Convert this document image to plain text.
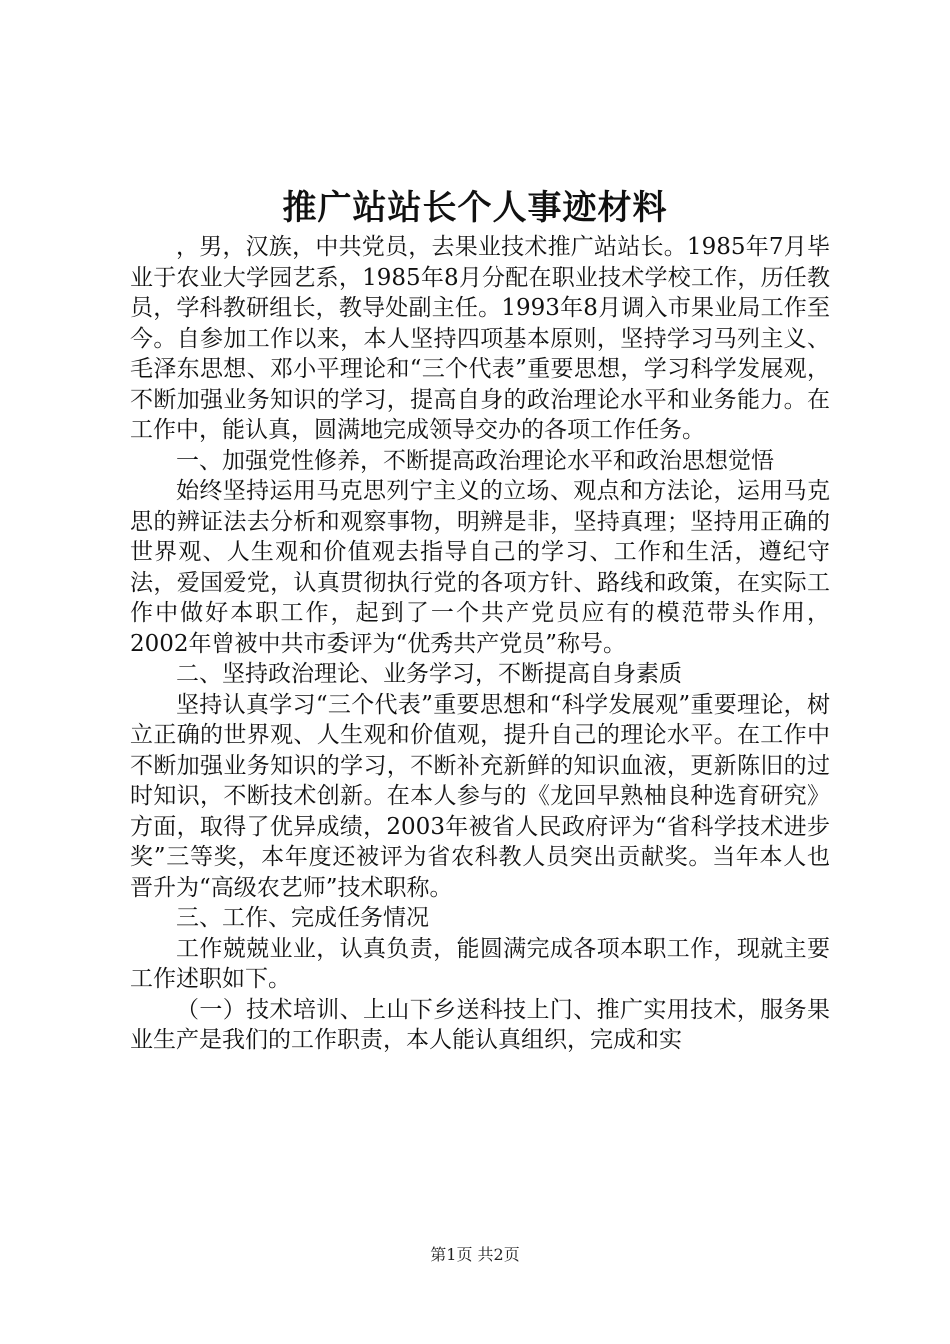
推广站站长个人事迹材料

，男，汉族，中共党员，去果业技术推广站站长。1985年7月毕业于农业大学园艺系，1985年8月分配在职业技术学校工作，历任教员，学科教研组长，教导处副主任。1993年8月调入市果业局工作至今。自参加工作以来，本人坚持四项基本原则，坚持学习马列主义、毛泽东思想、邓小平理论和“三个代表”重要思想，学习科学发展观，不断加强业务知识的学习，提高自身的政治理论水平和业务能力。在工作中，能认真，圆满地完成领导交办的各项工作任务。

一、加强党性修养，不断提高政治理论水平和政治思想觉悟

始终坚持运用马克思列宁主义的立场、观点和方法论，运用马克思的辨证法去分析和观察事物，明辨是非，坚持真理；坚持用正确的世界观、人生观和价值观去指导自己的学习、工作和生活，遵纪守法，爱国爱党，认真贯彻执行党的各项方针、路线和政策，在实际工作中做好本职工作，起到了一个共产党员应有的模范带头作用，2002年曾被中共市委评为“优秀共产党员”称号。

二、坚持政治理论、业务学习，不断提高自身素质

坚持认真学习“三个代表”重要思想和“科学发展观”重要理论，树立正确的世界观、人生观和价值观，提升自己的理论水平。在工作中不断加强业务知识的学习，不断补充新鲜的知识血液，更新陈旧的过时知识，不断技术创新。在本人参与的《龙回早熟柚良种选育研究》方面，取得了优异成绩，2003年被省人民政府评为“省科学技术进步奖”三等奖，本年度还被评为省农科教人员突出贡献奖。当年本人也晋升为“高级农艺师”技术职称。

三、工作、完成任务情况

工作兢兢业业，认真负责，能圆满完成各项本职工作，现就主要工作述职如下。

（一）技术培训、上山下乡送科技上门、推广实用技术，服务果业生产是我们的工作职责，本人能认真组织，完成和实

第1页 共2页
